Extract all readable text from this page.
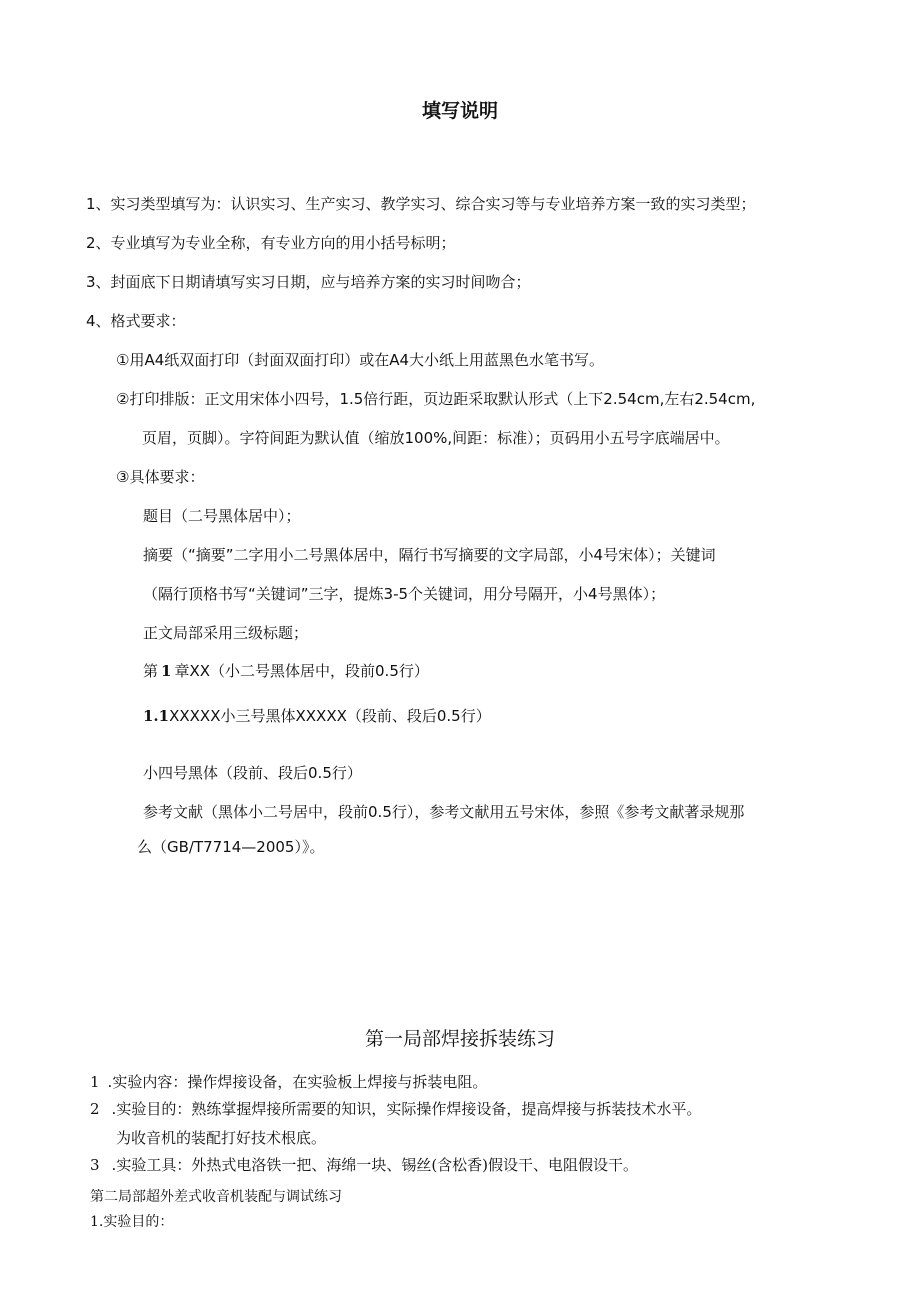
填写说明
1、实习类型填写为：认识实习、生产实习、教学实习、综合实习等与专业培养方案一致的实习类型；
2、专业填写为专业全称，有专业方向的用小括号标明；
3、封面底下日期请填写实习日期，应与培养方案的实习时间吻合；
4、格式要求：
①用A4纸双面打印（封面双面打印）或在A4大小纸上用蓝黑色水笔书写。
②打印排版：正文用宋体小四号，1.5倍行距，页边距采取默认形式（上下2.54cm,左右2.54cm,
页眉，页脚）。字符间距为默认值（缩放100%,间距：标准）；页码用小五号字底端居中。
③具体要求：
题目（二号黑体居中）；
摘要（“摘要”二字用小二号黑体居中，隔行书写摘要的文字局部，小4号宋体）；关键词
（隔行顶格书写“关键词”三字，提炼3-5个关键词，用分号隔开，小4号黑体）；
正文局部采用三级标题；
第 1 章XX（小二号黑体居中，段前0.5行）
1.1XXXXX小三号黑体XXXXX（段前、段后0.5行）
小四号黑体（段前、段后0.5行）
参考文献（黑体小二号居中，段前0.5行），参考文献用五号宋体，参照《参考文献著录规那
么（GB/T7714—2005）》。
第一局部焊接拆装练习
1 .实验内容：操作焊接设备，在实验板上焊接与拆装电阻。
2 .实验目的：熟练掌握焊接所需要的知识，实际操作焊接设备，提高焊接与拆装技术水平。
为收音机的装配打好技术根底。
3 .实验工具：外热式电洛铁一把、海绵一块、锡丝(含松香)假设干、电阻假设干。
第二局部超外差式收音机装配与调试练习
1.实验目的：
